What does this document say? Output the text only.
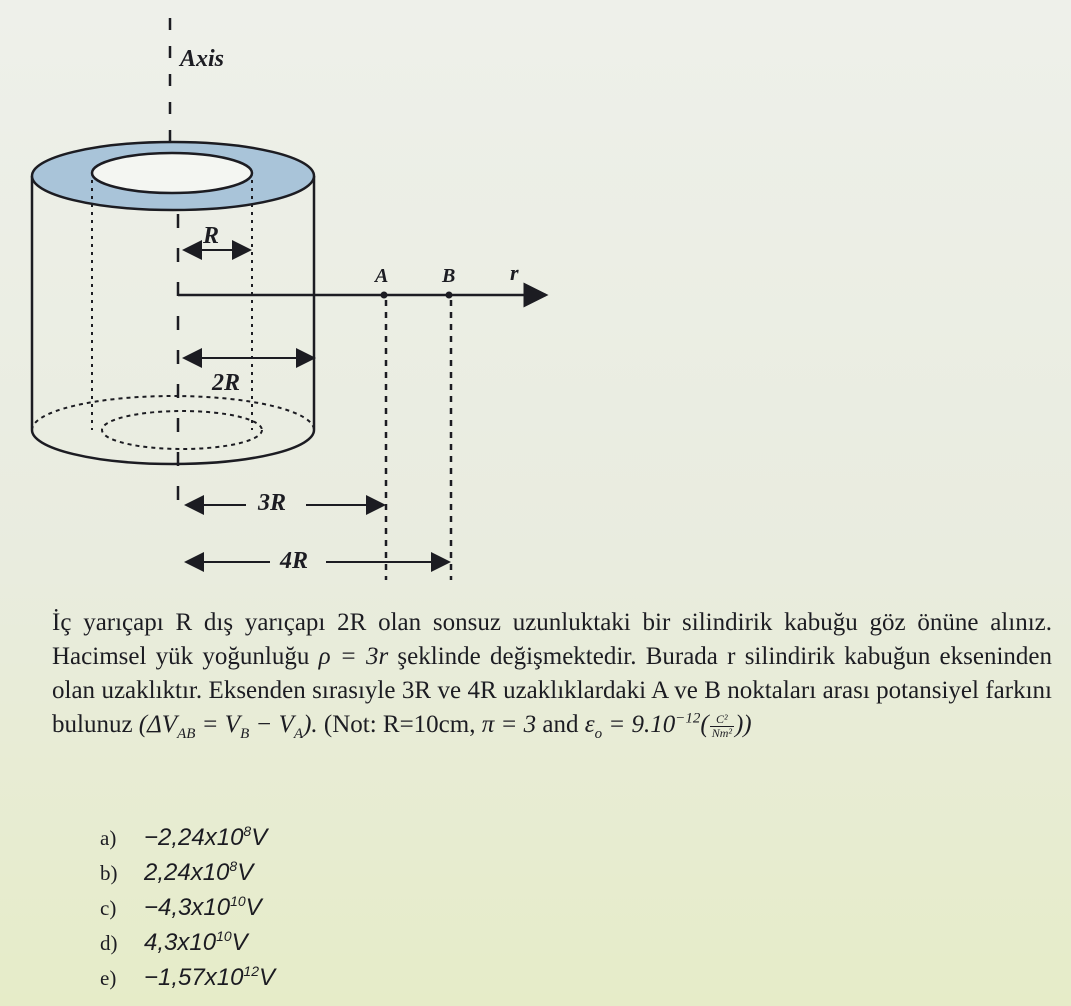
Axis
R
r
A	B
2R
3R
4R

İç yarıçapı R dış yarıçapı 2R olan sonsuz uzunluktaki bir silindirik kabuğu göz önüne alınız. Hacimsel yük yoğunluğu ρ = 3r şeklinde değişmektedir. Burada r silindirik kabuğun ekseninden olan uzaklıktır. Eksenden sırasıyle 3R ve 4R uzaklıklardaki A ve B noktaları arası potansiyel farkını bulunuz $(\Delta V_{AB} = V_B - V_A)$. (Not: R=10cm, π = 3 and $\varepsilon_o = 9.10^{-12}( \frac{\text{C²}}{\text{Nm²}}$ ))

$a) -2,24x10^8V$
b) $2,24x10^8V$
$c) -4,3x10^{10}V$
d) $4,3x10^{10}V$
$e) -1,57x10^{12}V$
